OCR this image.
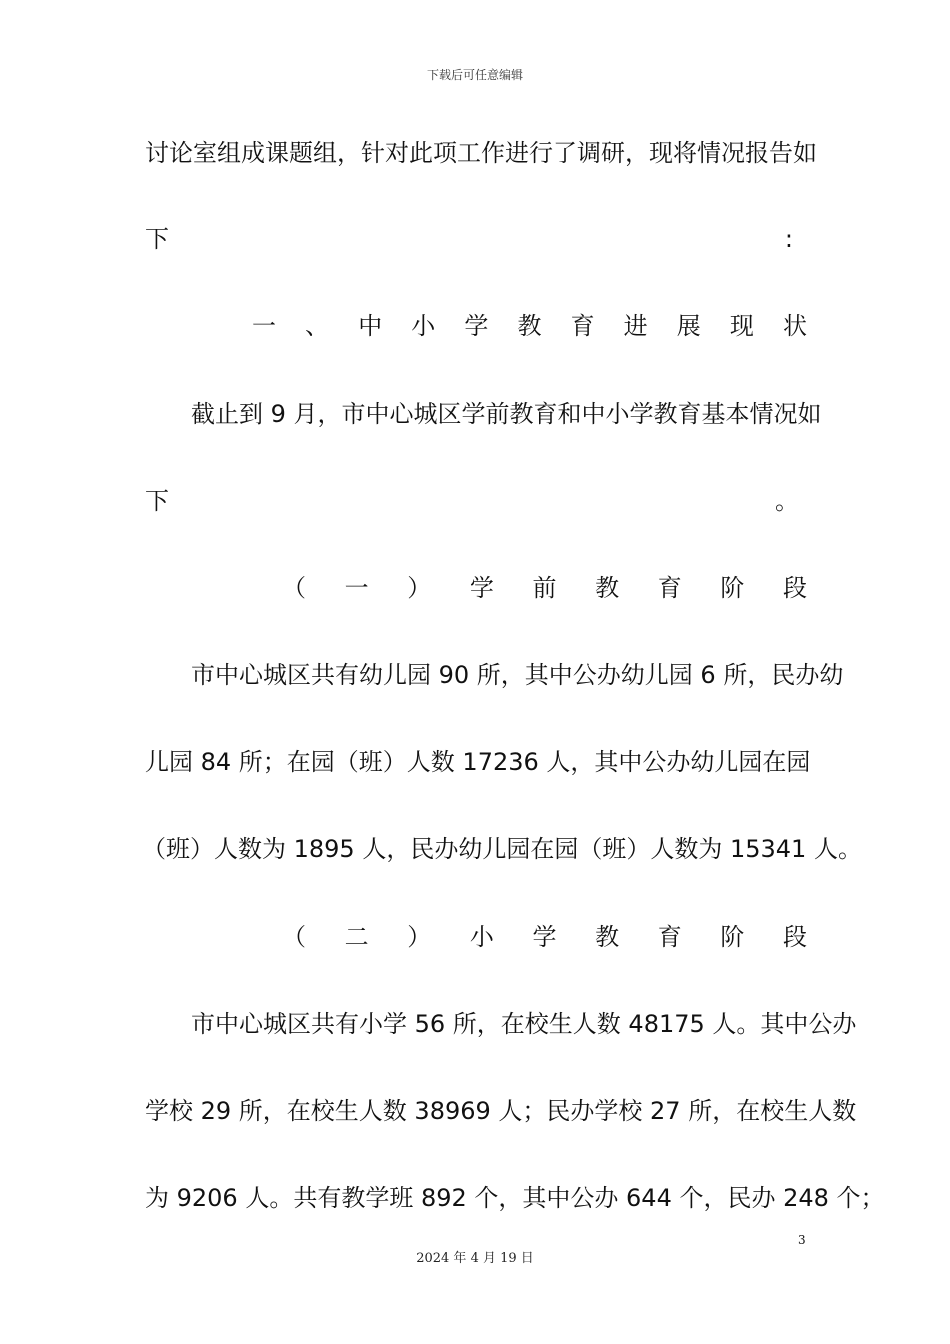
下载后可任意编辑
讨论室组成课题组，针对此项工作进行了调研，现将情况报告如
下	:
一 、 中 小 学 教 育 进 展 现 状
截止到 9 月，市中心城区学前教育和中小学教育基本情况如
下	。
（ 一 ） 学 前 教 育 阶 段
市中心城区共有幼儿园 90 所，其中公办幼儿园 6 所，民办幼
儿园 84 所；在园（班）人数 17236 人，其中公办幼儿园在园
（班）人数为 1895 人，民办幼儿园在园（班）人数为 15341 人。
（ 二 ） 小 学 教 育 阶 段
市中心城区共有小学 56 所，在校生人数 48175 人。其中公办
学校 29 所，在校生人数 38969 人；民办学校 27 所，在校生人数
为 9206 人。共有教学班 892 个，其中公办 644 个，民办 248 个；
3
2024 年 4 月 19 日
